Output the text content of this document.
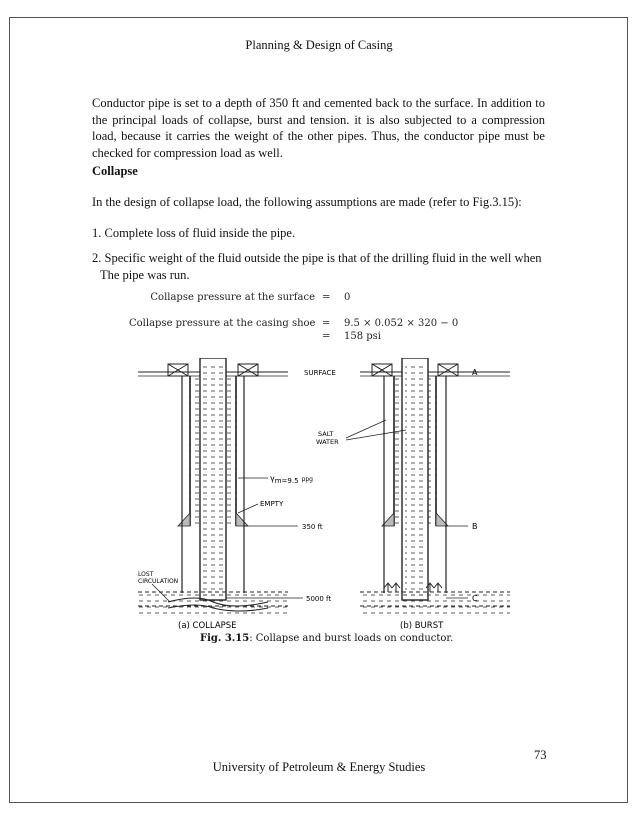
Planning & Design of Casing
Conductor pipe is set to a depth of 350 ft and cemented back to the surface. In addition to the principal loads of collapse, burst and tension. it is also subjected to a compression load, because it carries the weight of the other pipes. Thus, the conductor pipe must be checked for compression load as well.
Collapse
In the design of collapse load, the following assumptions are made (refer to Fig.3.15):
1. Complete loss of fluid inside the pipe.
2. Specific weight of the fluid outside the pipe is that of the drilling fluid in the well when
The pipe was run.
Collapse pressure at the surface = 0
Collapse pressure at the casing shoe = 9.5 × 0.052 × 320 − 0
= 158 psi
SURFACE	A
B
C
γm=9.5 $^{ppg}$
EMPTY
350 ft
5000 ft
SALT
WATER
LOST
CIRCULATION
(a) COLLAPSE	(b) BURST
Fig. 3.15: Collapse and burst loads on conductor.
73
University of Petroleum & Energy Studies
